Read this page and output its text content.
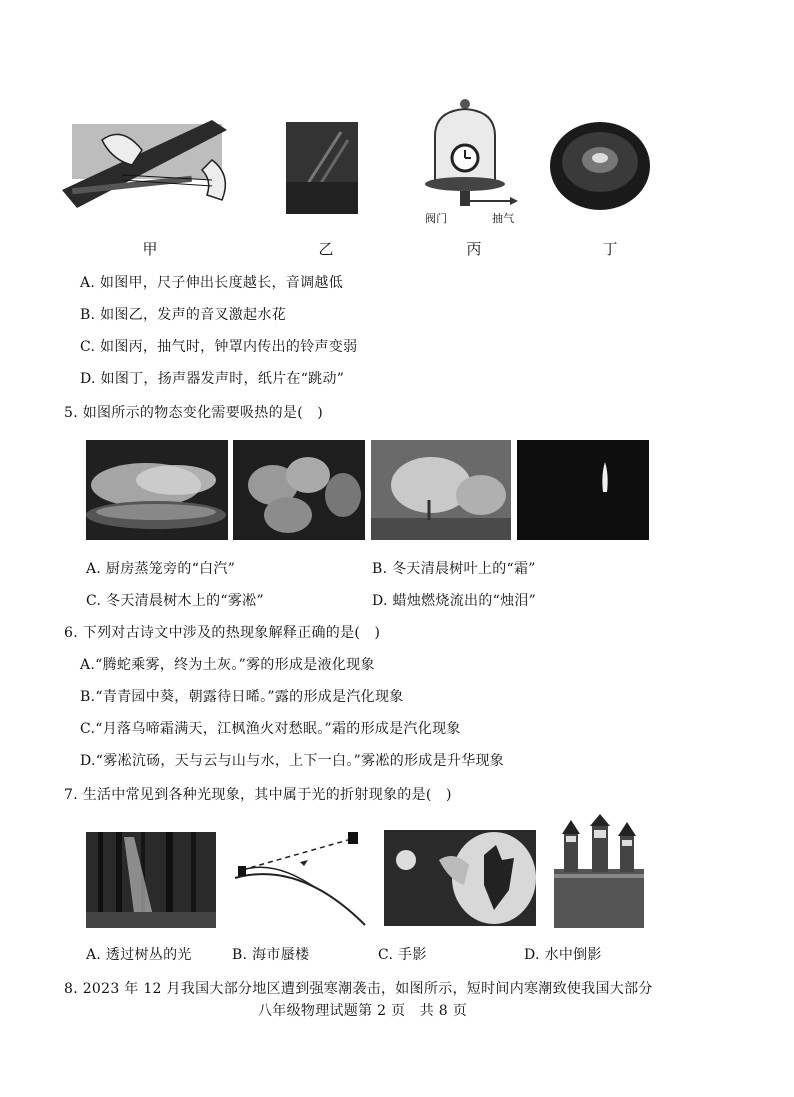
阀门	抽气
甲	乙	丙	丁
A. 如图甲，尺子伸出长度越长，音调越低
B. 如图乙，发声的音叉激起水花
C. 如图丙，抽气时，钟罩内传出的铃声变弱
D. 如图丁，扬声器发声时，纸片在“跳动”
5. 如图所示的物态变化需要吸热的是(　)
A. 厨房蒸笼旁的“白汽”	B. 冬天清晨树叶上的“霜”
C. 冬天清晨树木上的“雾凇”	D. 蜡烛燃烧流出的“烛泪”
6. 下列对古诗文中涉及的热现象解释正确的是(　)
A.“腾蛇乘雾，终为土灰。”雾的形成是液化现象
B.“青青园中葵，朝露待日晞。”露的形成是汽化现象
C.“月落乌啼霜满天，江枫渔火对愁眠。”霜的形成是汽化现象
D.“雾凇沆砀，天与云与山与水，上下一白。”雾凇的形成是升华现象
7. 生活中常见到各种光现象，其中属于光的折射现象的是(　)
A. 透过树丛的光	B. 海市蜃楼	C. 手影	D. 水中倒影
8. 2023 年 12 月我国大部分地区遭到强寒潮袭击，如图所示，短时间内寒潮致使我国大部分
八年级物理试题第 2 页　共 8 页
